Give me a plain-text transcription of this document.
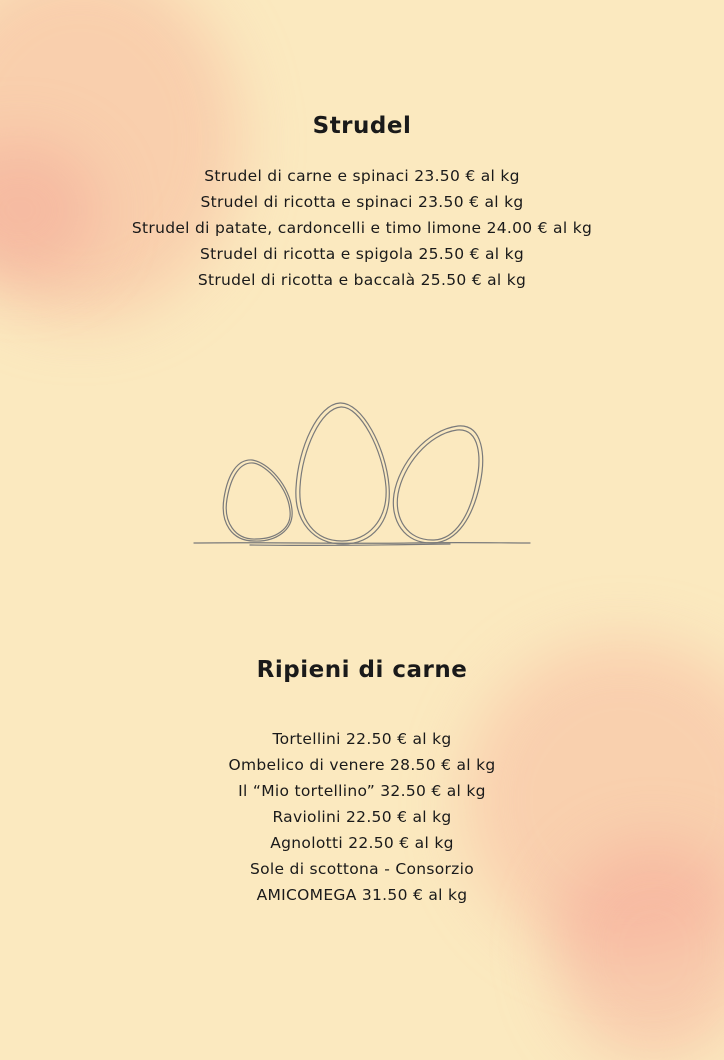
Strudel
Strudel di carne e spinaci 23.50 € al kg
Strudel di ricotta e spinaci 23.50 € al kg
Strudel di patate, cardoncelli e timo limone 24.00 € al kg
Strudel di ricotta e spigola 25.50 € al kg
Strudel di ricotta e baccalà 25.50 € al kg
Ripieni di carne
Tortellini 22.50 € al kg
Ombelico di venere 28.50 € al kg
Il “Mio tortellino” 32.50 € al kg
Raviolini 22.50 € al kg
Agnolotti 22.50 € al kg
Sole di scottona - Consorzio
AMICOMEGA 31.50 € al kg
